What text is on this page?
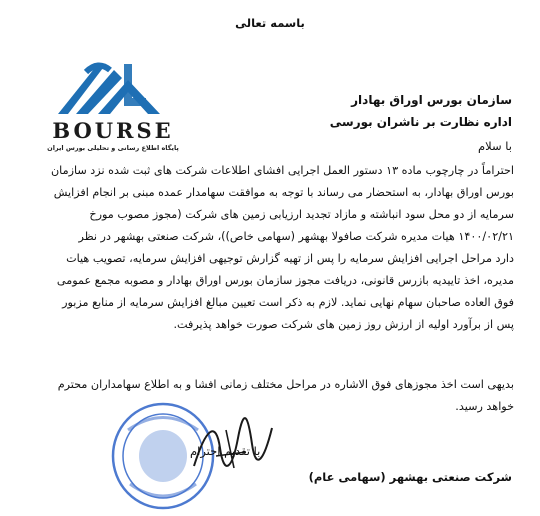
باسمه تعالی
BOURSE
پایگاه اطلاع رسانی و تحلیلی بورس ایران
سازمان بورس اوراق بهادار
اداره نظارت بر ناشران بورسی
با سلام
احتراماً در چارچوب ماده ۱۳ دستور العمل اجرایی افشای اطلاعات شرکت های ثبت شده نزد سازمان
بورس اوراق بهادار، به استحضار می رساند با توجه به موافقت سهامدار عمده مبنی بر انجام افزایش
سرمایه از دو محل سود انباشته و مازاد تجدید ارزیابی زمین های شرکت (مجوز مصوب مورخ
۱۴۰۰/۰۲/۲۱ هیات مدیره شرکت صافولا بهشهر (سهامی خاص))، شرکت صنعتی بهشهر در نظر
دارد مراحل اجرایی افزایش سرمایه را پس از تهیه گزارش توجیهی افزایش سرمایه، تصویب هیات
مدیره، اخذ تاییدیه بازرس قانونی، دریافت مجوز سازمان بورس اوراق بهادار و مصوبه مجمع عمومی
فوق العاده صاحبان سهام نهایی نماید. لازم به ذکر است تعیین مبالغ افزایش سرمایه از منابع مزبور
پس از برآورد اولیه از ارزش روز زمین های شرکت صورت خواهد پذیرفت.
بدیهی است اخذ مجوزهای فوق الاشاره در مراحل مختلف زمانی افشا و به اطلاع سهامداران محترم
خواهد رسید.
با تقدیم احترام
شرکت صنعتی بهشهر (سهامی عام)
